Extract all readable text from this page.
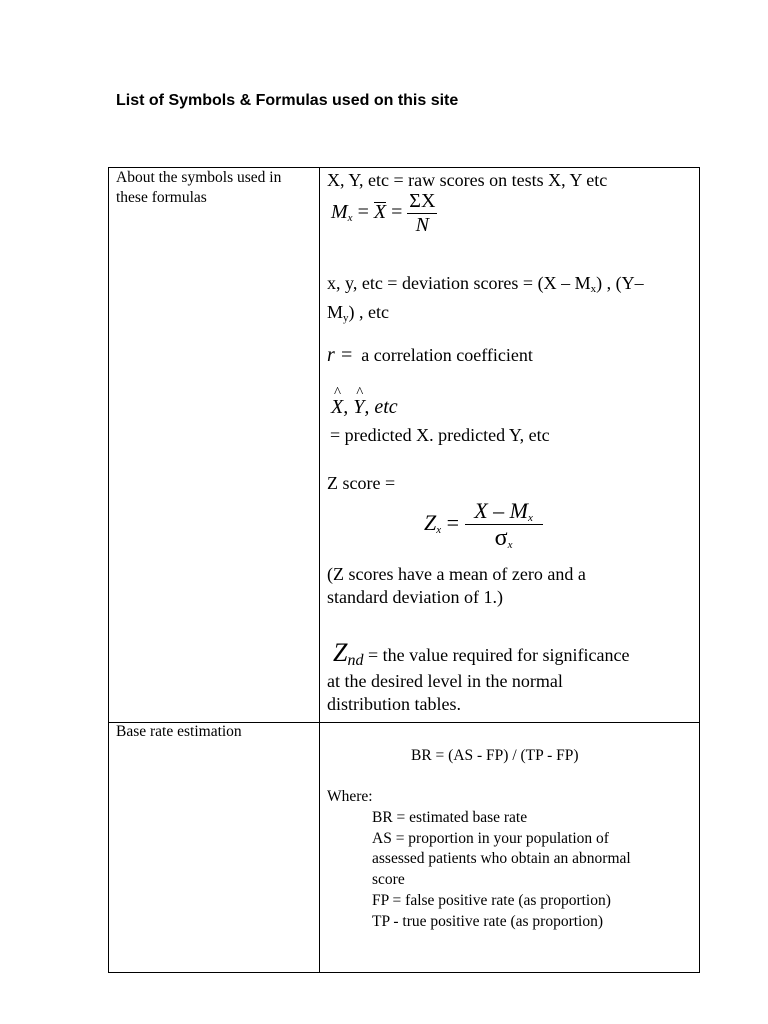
List of Symbols & Formulas used on this site
About the symbols used in
these formulas
X, Y, etc = raw scores on tests X, Y etc
$M_x = X = \frac{\Sigma X}{N}$
x, y, etc = deviation scores = $(X - M_x)$ , (Y–
$M_y$) , etc
r = a correlation coefficient
^ X, ^ Y, etc
= predicted X. predicted Y, etc
Z score =
$Z_x = \frac{X - M_x}{\sigma_x}$
(Z scores have a mean of zero and a
standard deviation of 1.)
$Z_{nd}$ = the value required for significance
at the desired level in the normal
distribution tables.
Base rate estimation
BR = (AS - FP) / (TP - FP)
Where:
BR = estimated base rate
AS = proportion in your population of
assessed patients who obtain an abnormal
score
FP = false positive rate (as proportion)
TP - true positive rate (as proportion)
